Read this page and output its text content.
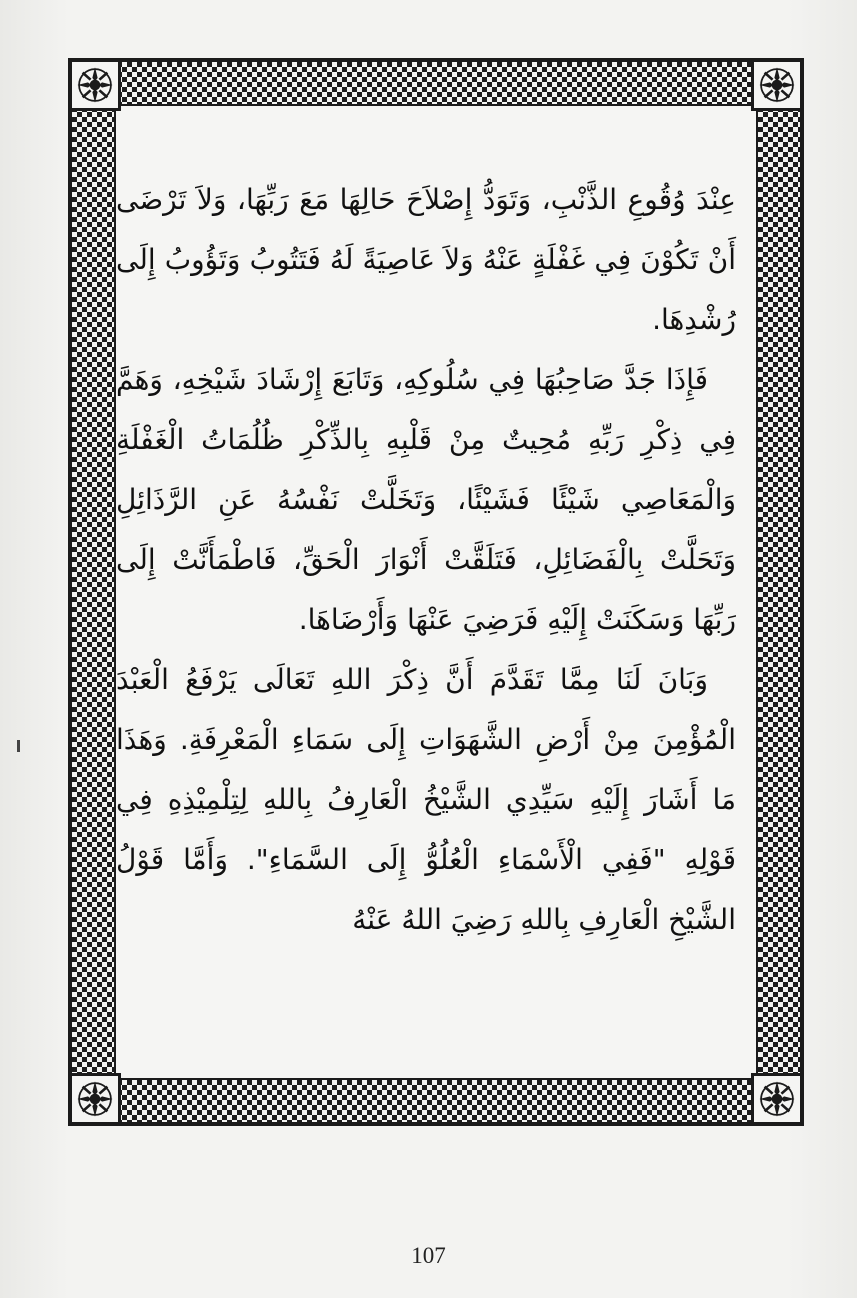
عِنْدَ وُقُوعِ الذَّنْبِ، وَتَوَدُّ إِصْلاَحَ حَالِهَا مَعَ رَبِّهَا، وَلاَ تَرْضَى أَنْ تَكُوْنَ فِي غَفْلَةٍ عَنْهُ وَلاَ عَاصِيَةً لَهُ فَتَتُوبُ وَتَؤُوبُ إِلَى رُشْدِهَا.

فَإِذَا جَدَّ صَاحِبُهَا فِي سُلُوكِهِ، وَتَابَعَ إِرْشَادَ شَيْخِهِ، وَهَمَّ فِي ذِكْرِ رَبِّهِ مُحِيتٌ مِنْ قَلْبِهِ بِالذِّكْرِ ظُلُمَاتُ الْغَفْلَةِ وَالْمَعَاصِي شَيْئًا فَشَيْئًا، وَتَخَلَّتْ نَفْسُهُ عَنِ الرَّذَائِلِ وَتَحَلَّتْ بِالْفَضَائِلِ، فَتَلَقَّتْ أَنْوَارَ الْحَقِّ، فَاطْمَأَنَّتْ إِلَى رَبِّهَا وَسَكَنَتْ إِلَيْهِ فَرَضِيَ عَنْهَا وَأَرْضَاهَا.

وَبَانَ لَنَا مِمَّا تَقَدَّمَ أَنَّ ذِكْرَ اللهِ تَعَالَى يَرْفَعُ الْعَبْدَ الْمُؤْمِنَ مِنْ أَرْضِ الشَّهَوَاتِ إِلَى سَمَاءِ الْمَعْرِفَةِ. وَهَذَا مَا أَشَارَ إِلَيْهِ سَيِّدِي الشَّيْخُ الْعَارِفُ بِاللهِ لِتِلْمِيْذِهِ فِي قَوْلِهِ "فَفِي الْأَسْمَاءِ الْعُلُوُّ إِلَى السَّمَاءِ". وَأَمَّا قَوْلُ الشَّيْخِ الْعَارِفِ بِاللهِ رَضِيَ اللهُ عَنْهُ

107
